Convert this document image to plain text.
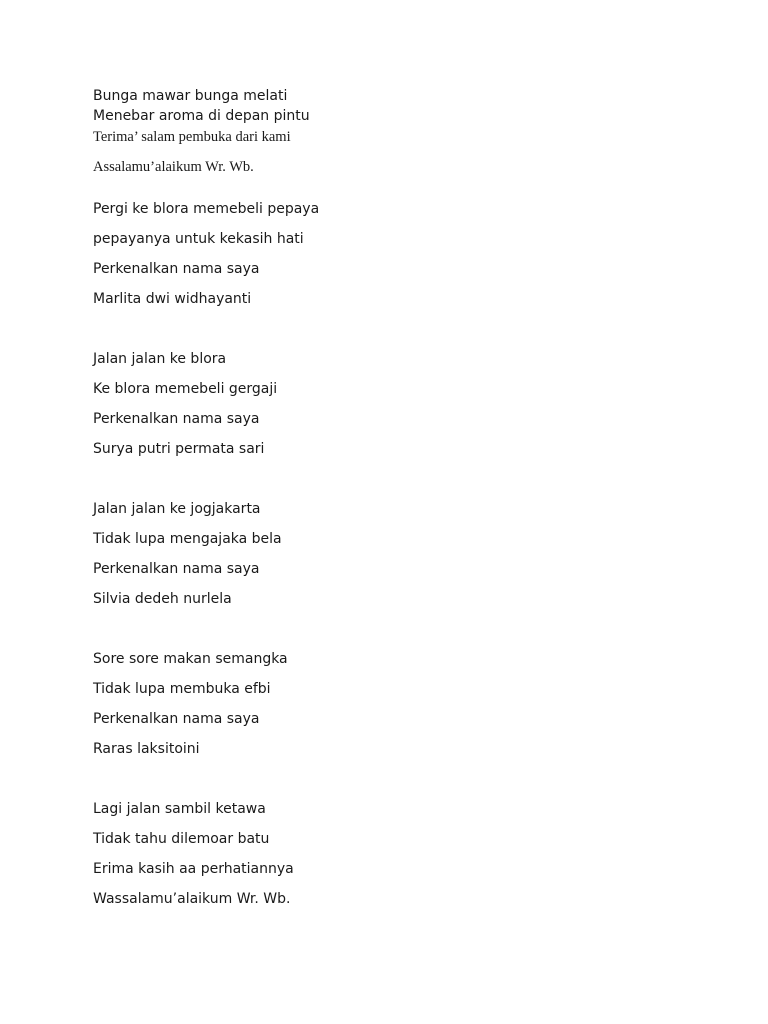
Bunga mawar bunga melati
Menebar aroma di depan pintu
Terima’ salam pembuka dari kami
Assalamu’alaikum Wr. Wb.
Pergi ke blora memebeli pepaya
pepayanya untuk kekasih hati
Perkenalkan nama saya
Marlita dwi widhayanti
Jalan jalan ke blora
Ke blora memebeli gergaji
Perkenalkan nama saya
Surya putri permata sari
Jalan jalan ke jogjakarta
Tidak lupa mengajaka bela
Perkenalkan nama saya
Silvia dedeh nurlela
Sore sore makan semangka
Tidak lupa membuka efbi
Perkenalkan nama saya
Raras laksitoini
Lagi jalan sambil ketawa
Tidak tahu dilemoar batu
Erima kasih aa perhatiannya
Wassalamu’alaikum Wr. Wb.
